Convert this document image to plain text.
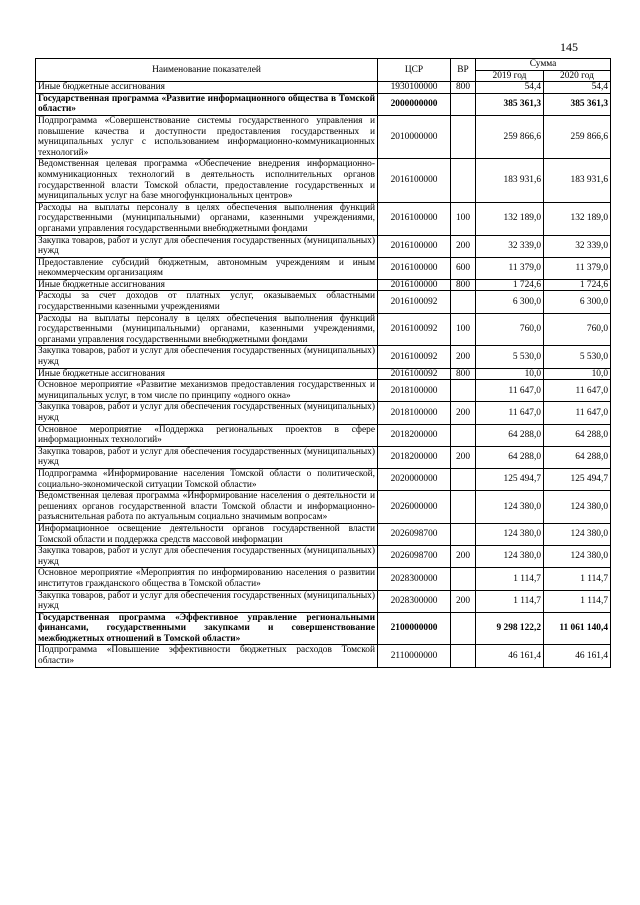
145
Наименование показателей	ЦСР	ВР	Сумма	
			2019 год	2020 год
Иные бюджетные ассигнования	1930100000	800	54,4	54,4
Государственная программа «Развитие информационного общества в Томской области»	2000000000		385 361,3	385 361,3
Подпрограмма «Совершенствование системы государственного управления и повышение качества и доступности предоставления государственных и муниципальных услуг с использованием информационно-коммуникационных технологий»	2010000000		259 866,6	259 866,6
Ведомственная целевая программа «Обеспечение внедрения информационно-коммуникационных технологий в деятельность исполнительных органов государственной власти Томской области, предоставление государственных и муниципальных услуг на базе многофункциональных центров»	2016100000		183 931,6	183 931,6
Расходы на выплаты персоналу в целях обеспечения выполнения функций государственными (муниципальными) органами, казенными учреждениями, органами управления государственными внебюджетными фондами	2016100000	100	132 189,0	132 189,0
Закупка товаров, работ и услуг для обеспечения государственных (муниципальных) нужд	2016100000	200	32 339,0	32 339,0
Предоставление субсидий бюджетным, автономным учреждениям и иным некоммерческим организациям	2016100000	600	11 379,0	11 379,0
Иные бюджетные ассигнования	2016100000	800	1 724,6	1 724,6
Расходы за счет доходов от платных услуг, оказываемых областными государственными казенными учреждениями	2016100092		6 300,0	6 300,0
Расходы на выплаты персоналу в целях обеспечения выполнения функций государственными (муниципальными) органами, казенными учреждениями, органами управления государственными внебюджетными фондами	2016100092	100	760,0	760,0
Закупка товаров, работ и услуг для обеспечения государственных (муниципальных) нужд	2016100092	200	5 530,0	5 530,0
Иные бюджетные ассигнования	2016100092	800	10,0	10,0
Основное мероприятие «Развитие механизмов предоставления государственных и муниципальных услуг, в том числе по принципу «одного окна»	2018100000		11 647,0	11 647,0
Закупка товаров, работ и услуг для обеспечения государственных (муниципальных) нужд	2018100000	200	11 647,0	11 647,0
Основное мероприятие «Поддержка региональных проектов в сфере информационных технологий»	2018200000		64 288,0	64 288,0
Закупка товаров, работ и услуг для обеспечения государственных (муниципальных) нужд	2018200000	200	64 288,0	64 288,0
Подпрограмма «Информирование населения Томской области о политической, социально-экономической ситуации Томской области»	2020000000		125 494,7	125 494,7
Ведомственная целевая программа «Информирование населения о деятельности и решениях органов государственной власти Томской области и информационно-разъяснительная работа по актуальным социально значимым вопросам»	2026000000		124 380,0	124 380,0
Информационное освещение деятельности органов государственной власти Томской области и поддержка средств массовой информации	2026098700		124 380,0	124 380,0
Закупка товаров, работ и услуг для обеспечения государственных (муниципальных) нужд	2026098700	200	124 380,0	124 380,0
Основное мероприятие «Мероприятия по информированию населения о развитии институтов гражданского общества в Томской области»	2028300000		1 114,7	1 114,7
Закупка товаров, работ и услуг для обеспечения государственных (муниципальных) нужд	2028300000	200	1 114,7	1 114,7
Государственная программа «Эффективное управление региональными финансами, государственными закупками и совершенствование межбюджетных отношений в Томской области»	2100000000		9 298 122,2	11 061 140,4
Подпрограмма «Повышение эффективности бюджетных расходов Томской области»	2110000000		46 161,4	46 161,4
